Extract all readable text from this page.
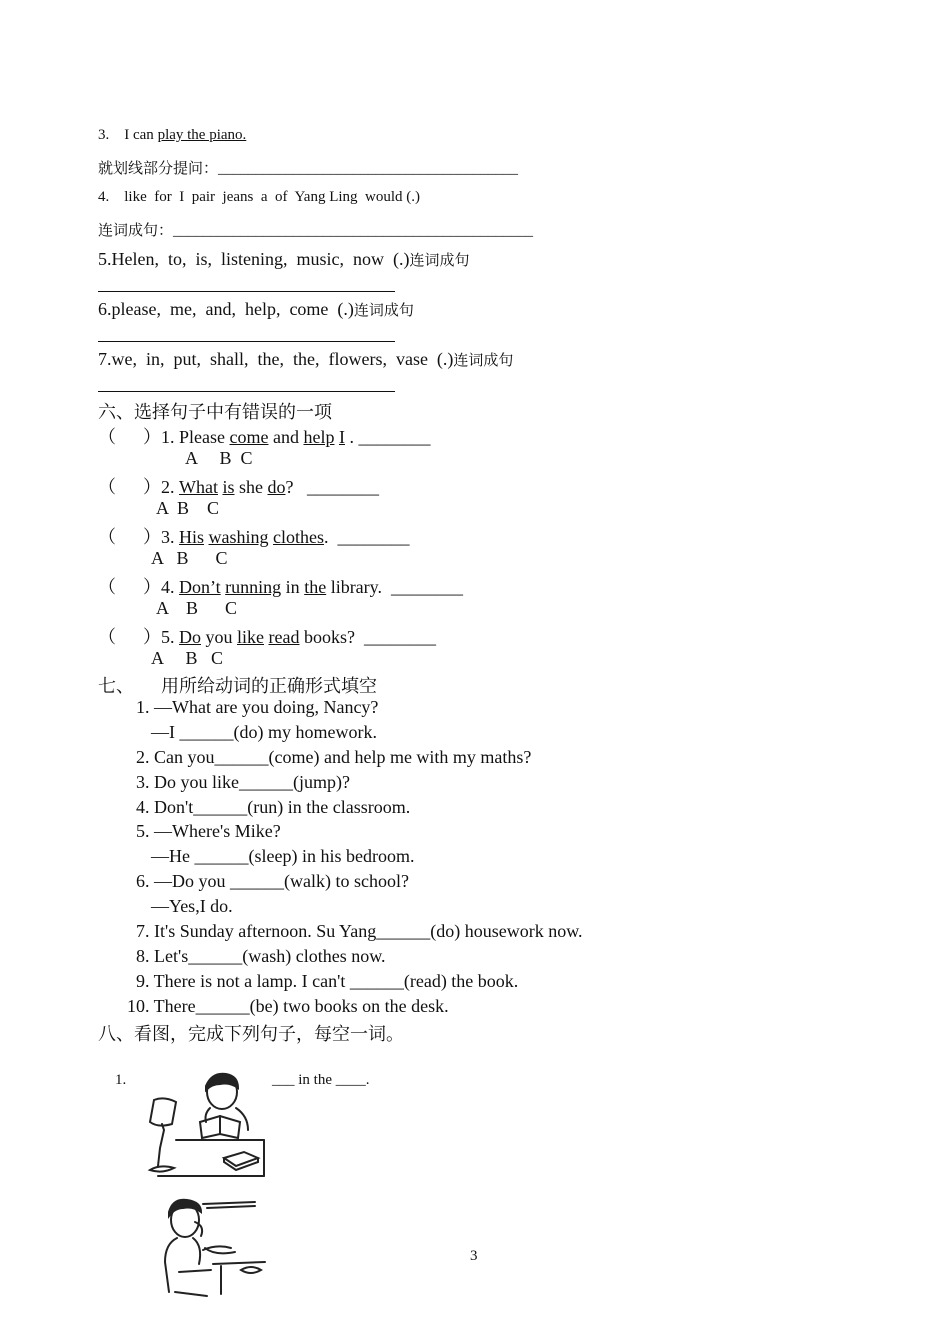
3. I can play the piano.
就划线部分提问：________________________________________
4. like  for  I  pair  jeans  a  of  Yang Ling  would (.)
连词成句：________________________________________________
5.Helen,  to,  is,  listening,  music,  now  (.)连词成句
6.please,  me,  and,  help,  come  (.)连词成句
7.we,  in,  put,  shall,  the,  the,  flowers,  vase  (.)连词成句
六、选择句子中有错误的一项
（      ）1. Please come and help I . ________
A     B  C
（      ）2. What is she do?   ________
A  B    C
（      ）3. His washing clothes.  ________
A   B      C
（      ）4. Don’t running in the library.  ________
A    B      C
（      ）5. Do you like read books?  ________
A     B   C
七、      用所给动词的正确形式填空
1. —What are you doing, Nancy?
—I ______(do) my homework.
2. Can you______(come) and help me with my maths?
3. Do you like______(jump)?
4. Don't______(run) in the classroom.
5. —Where's Mike?
—He ______(sleep) in his bedroom.
6. —Do you ______(walk) to school?
—Yes,I do.
7. It's Sunday afternoon. Su Yang______(do) housework now.
8. Let's______(wash) clothes now.
9. There is not a lamp. I can't ______(read) the book.
10. There______(be) two books on the desk.
八、看图，完成下列句子，每空一词。
1.	___ in the ____.
3
